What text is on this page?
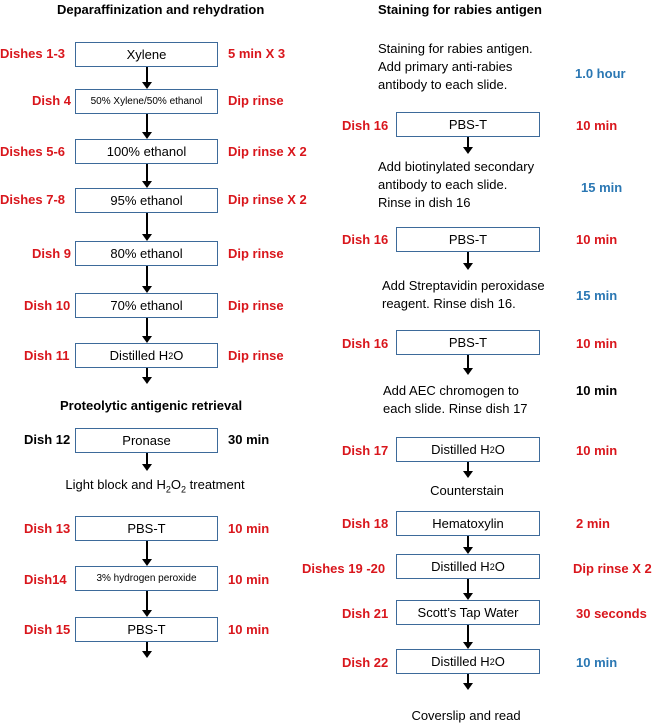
Deparaffinization and rehydration
Dishes 1-3	Xylene	5 min X 3
Dish 4	50% Xylene/50% ethanol	Dip rinse
Dishes 5-6	100% ethanol	Dip rinse X 2
Dishes 7-8	95% ethanol	Dip rinse X 2
Dish 9	80% ethanol	Dip rinse
Dish 10	70% ethanol	Dip rinse
Dish 11	Distilled H 2 O	Dip rinse
Proteolytic antigenic retrieval
Dish 12	Pronase	30 min
Light block and $H_2O_2$ treatment
Dish 13	PBS-T	10 min
Dish14	3% hydrogen peroxide	10 min
Dish 15	PBS-T	10 min
Staining for rabies antigen
Staining for rabies antigen.
Add primary anti-rabies
antibody to each slide.
1.0 hour
Dish 16	PBS-T	10 min
Add biotinylated secondary
antibody to each slide.
Rinse in dish 16
15 min
Dish 16	PBS-T	10 min
Add Streptavidin peroxidase
reagent. Rinse dish 16.
15 min
Dish 16	PBS-T	10 min
Add AEC chromogen to
each slide. Rinse dish 17
10 min
Dish 17	Distilled H 2 O	10 min
Counterstain
Dish 18	Hematoxylin	2 min
Dishes 19 -20	Distilled H 2 O	Dip rinse X 2
Dish 21	Scott’s Tap Water	30 seconds
Dish 22	Distilled H 2 O	10 min
Coverslip and read
